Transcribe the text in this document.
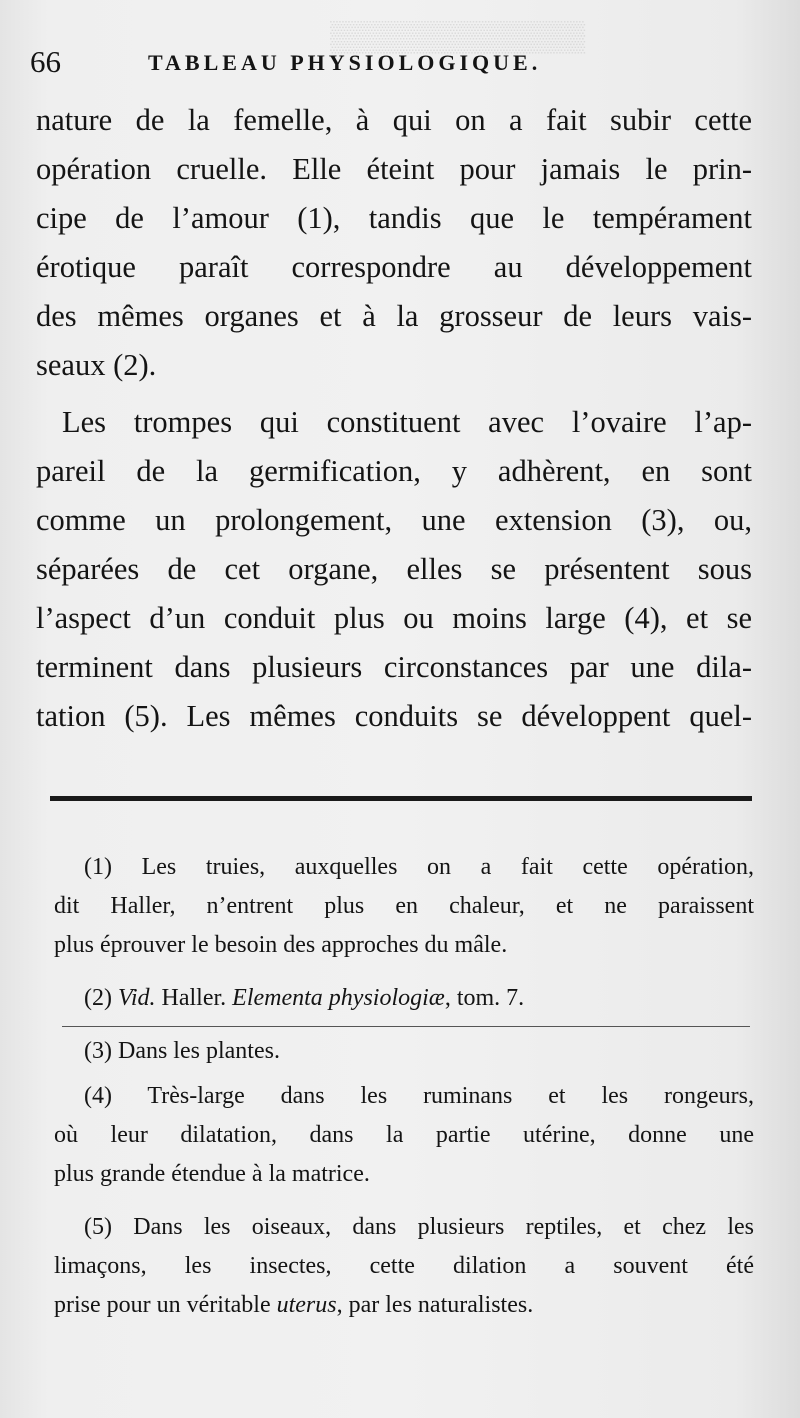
▒▒▒▒▒▒▒▒▒▒▒▒
66	TABLEAU PHYSIOLOGIQUE.
nature de la femelle, à qui on a fait subir cette
opération cruelle. Elle éteint pour jamais le prin-
cipe de l’amour (1), tandis que le tempérament
érotique paraît correspondre au développement
des mêmes organes et à la grosseur de leurs vais-
seaux (2).
Les trompes qui constituent avec l’ovaire l’ap-
pareil de la germification, y adhèrent, en sont
comme un prolongement, une extension (3), ou,
séparées de cet organe, elles se présentent sous
l’aspect d’un conduit plus ou moins large (4), et se
terminent dans plusieurs circonstances par une dila-
tation (5). Les mêmes conduits se développent quel-
(1) Les truies, auxquelles on a fait cette opération,
dit Haller, n’entrent plus en chaleur, et ne paraissent
plus éprouver le besoin des approches du mâle.
(2) Vid. Haller. Elementa physiologiæ, tom. 7.
(3) Dans les plantes.
(4) Très-large dans les ruminans et les rongeurs,
où leur dilatation, dans la partie utérine, donne une
plus grande étendue à la matrice.
(5) Dans les oiseaux, dans plusieurs reptiles, et chez les
limaçons, les insectes, cette dilation a souvent été
prise pour un véritable uterus, par les naturalistes.
